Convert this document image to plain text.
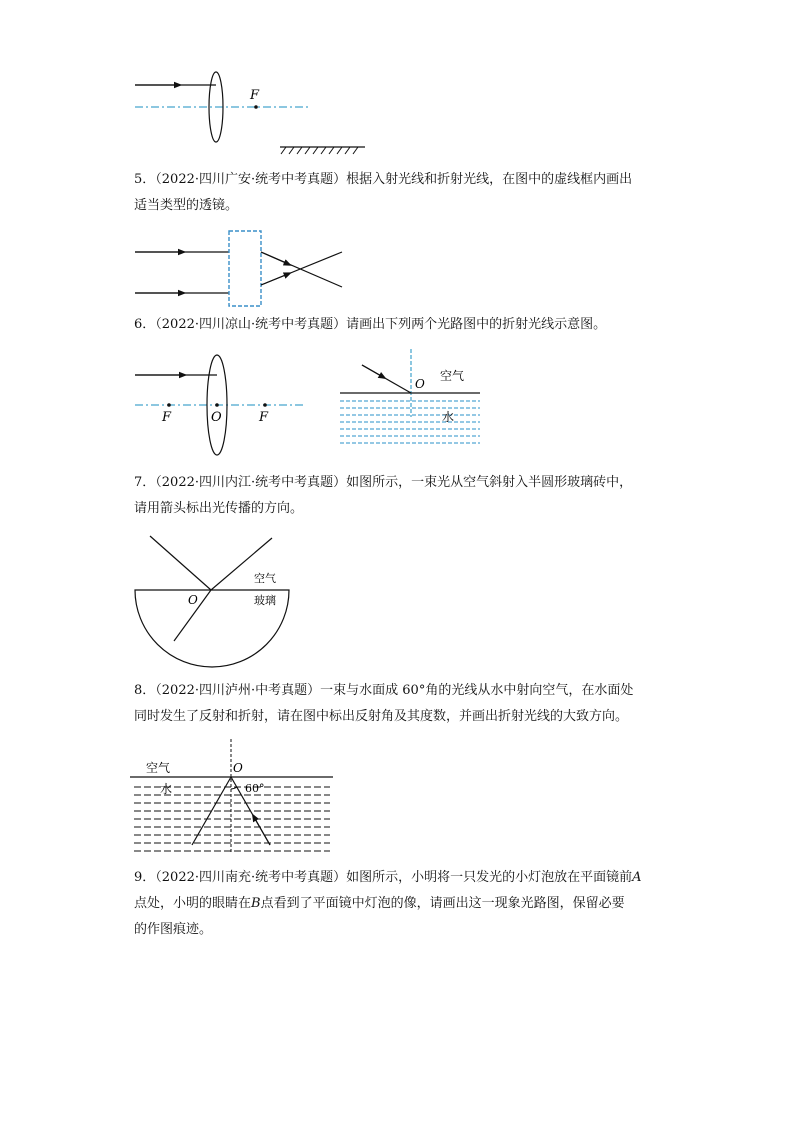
F
5．（2022·四川广安·统考中考真题）根据入射光线和折射光线，在图中的虚线框内画出
适当类型的透镜。
6．（2022·四川凉山·统考中考真题）请画出下列两个光路图中的折射光线示意图。
F	O	F
O
空气
水
7．（2022·四川内江·统考中考真题）如图所示，一束光从空气斜射入半圆形玻璃砖中，
请用箭头标出光传播的方向。
O
空气
玻璃
8．（2022·四川泸州·中考真题）一束与水面成 60°角的光线从水中射向空气，在水面处
同时发生了反射和折射，请在图中标出反射角及其度数，并画出折射光线的大致方向。
60°
O
空气
水
9．（2022·四川南充·统考中考真题）如图所示，小明将一只发光的小灯泡放在平面镜前A
点处，小明的眼睛在B点看到了平面镜中灯泡的像，请画出这一现象光路图，保留必要
的作图痕迹。
